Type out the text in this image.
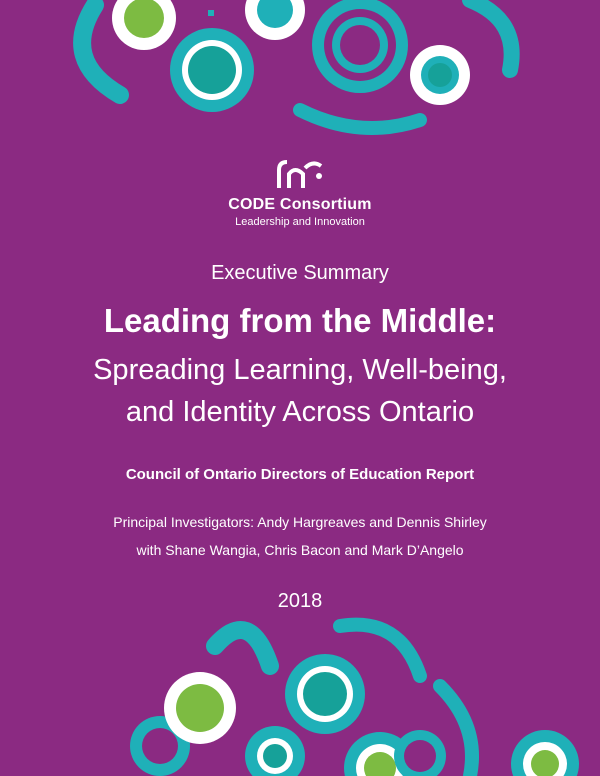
CODE Consortium
Leadership and Innovation
Executive Summary
Leading from the Middle:
Spreading Learning, Well-being,
and Identity Across Ontario
Council of Ontario Directors of Education Report
Principal Investigators: Andy Hargreaves and Dennis Shirley
with Shane Wangia, Chris Bacon and Mark D’Angelo
2018
